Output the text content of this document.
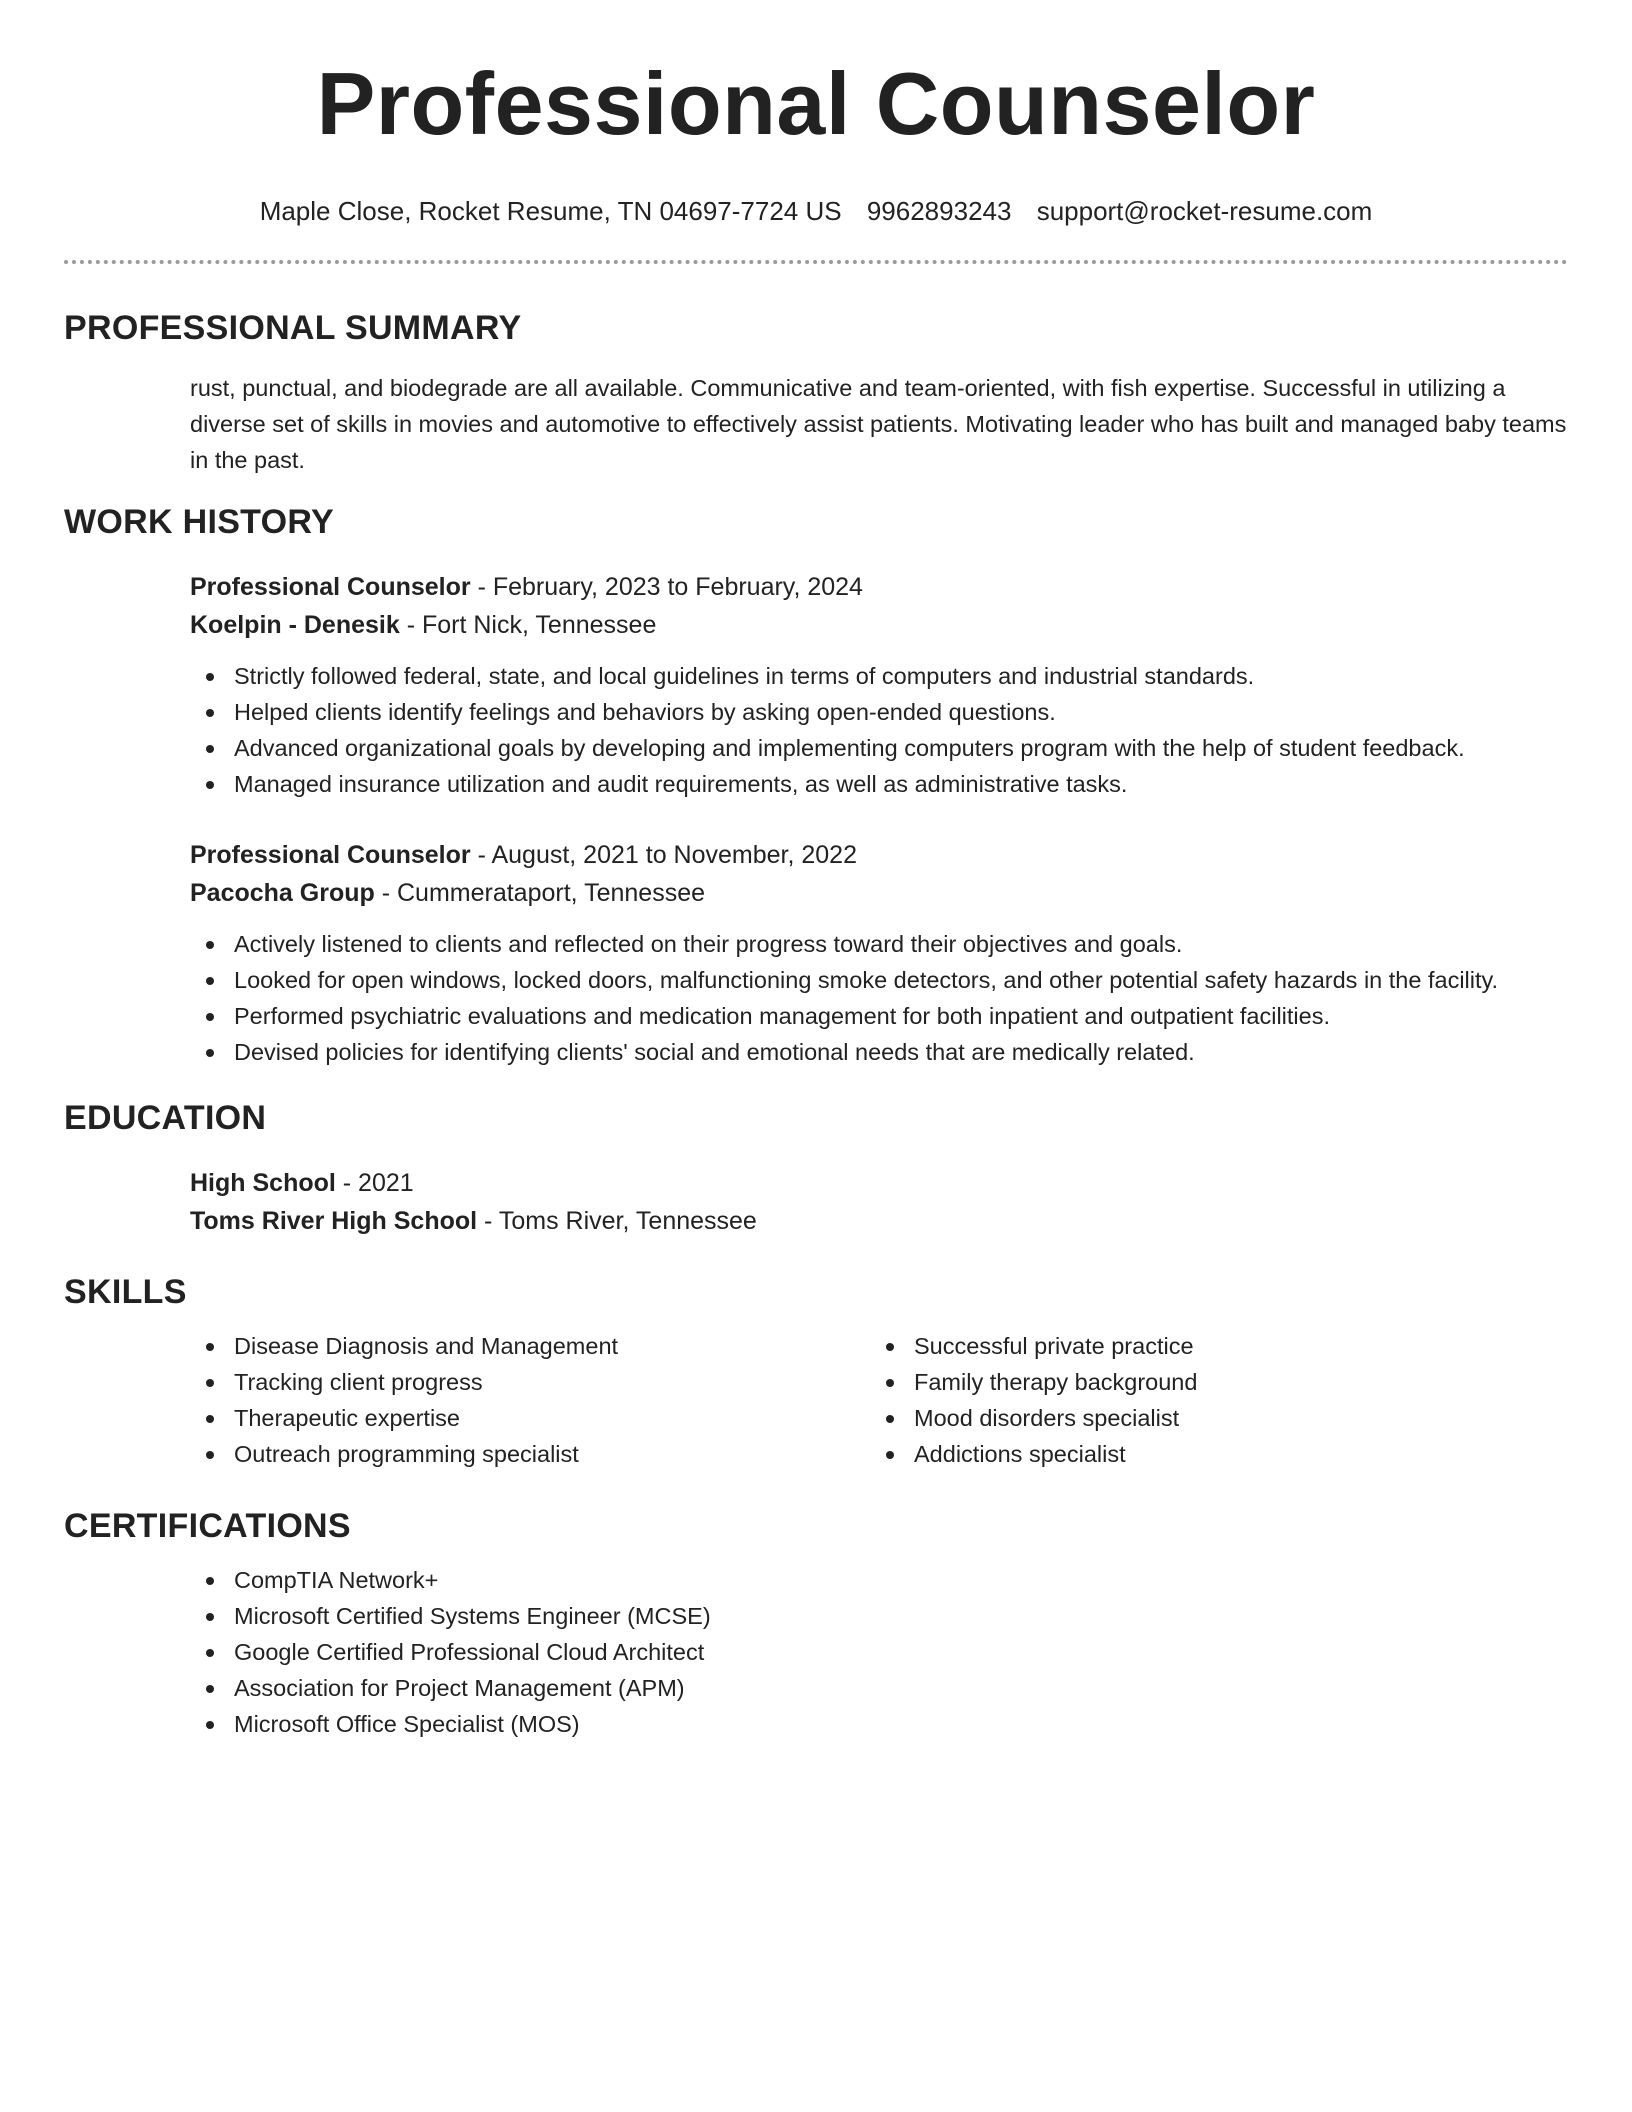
Professional Counselor
Maple Close, Rocket Resume, TN 04697-7724 US 9962893243 support@rocket-resume.com
PROFESSIONAL SUMMARY

rust, punctual, and biodegrade are all available. Communicative and team-oriented, with fish expertise. Successful in utilizing a diverse set of skills in movies and automotive to effectively assist patients. Motivating leader who has built and managed baby teams in the past.

WORK HISTORY
Professional Counselor - February, 2023 to February, 2024
Koelpin - Denesik - Fort Nick, Tennessee
Strictly followed federal, state, and local guidelines in terms of computers and industrial standards.
Helped clients identify feelings and behaviors by asking open-ended questions.
Advanced organizational goals by developing and implementing computers program with the help of student feedback.
Managed insurance utilization and audit requirements, as well as administrative tasks.
Professional Counselor - August, 2021 to November, 2022
Pacocha Group - Cummerataport, Tennessee
Actively listened to clients and reflected on their progress toward their objectives and goals.
Looked for open windows, locked doors, malfunctioning smoke detectors, and other potential safety hazards in the facility.
Performed psychiatric evaluations and medication management for both inpatient and outpatient facilities.
Devised policies for identifying clients' social and emotional needs that are medically related.
EDUCATION
High School - 2021
Toms River High School - Toms River, Tennessee
SKILLS
Disease Diagnosis and Management
Tracking client progress
Therapeutic expertise
Outreach programming specialist
Successful private practice
Family therapy background
Mood disorders specialist
Addictions specialist
CERTIFICATIONS
CompTIA Network+
Microsoft Certified Systems Engineer (MCSE)
Google Certified Professional Cloud Architect
Association for Project Management (APM)
Microsoft Office Specialist (MOS)
